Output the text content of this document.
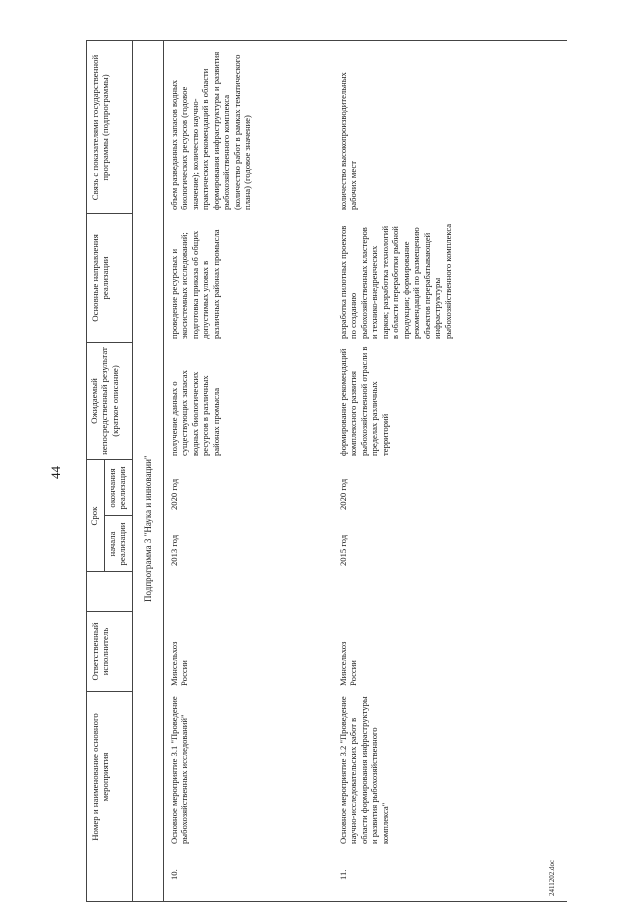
44
2411202.doc
Номер и наименование основного мероприятия
Ответственный исполнитель
Срок
начала реализации
окончания реализации
Ожидаемый непосредственный результат (краткое описание)
Основные направления реализации
Связь с показателями государственной программы (подпрограммы)
Подпрограмма 3 "Наука и инновации"
10.
Основное мероприятие 3.1 "Проведение рыбохозяйственных исследований"
Минсельхоз России
2013 год
2020 год
получение данных о существующих запасах водных биологических ресурсов в различных районах промысла
проведение ресурсных и экосистемных исследований; подготовка приказа об общих допустимых уловах в различных районах промысла
объем разведанных запасов водных биологических ресурсов (годовое значение); количество научно-практических рекомендаций в области формирования инфраструктуры и развития рыбохозяйственного комплекса (количество работ в рамках тематического плана) (годовое значение)
11.
Основное мероприятие 3.2 "Проведение научно-исследовательских работ в области формирования инфраструктуры и развития рыбохозяйственного комплекса"
Минсельхоз России
2015 год
2020 год
формирование рекомендаций комплексного развития рыбохозяйственной отрасли в пределах различных территорий
разработка пилотных проектов по созданию рыбохозяйственных кластеров и технико-внедренческих парков; разработка технологий в области переработки рыбной продукции; формирование рекомендаций по размещению объектов перерабатывающей инфраструктуры рыбохозяйственного комплекса
количество высокопроизводительных рабочих мест
